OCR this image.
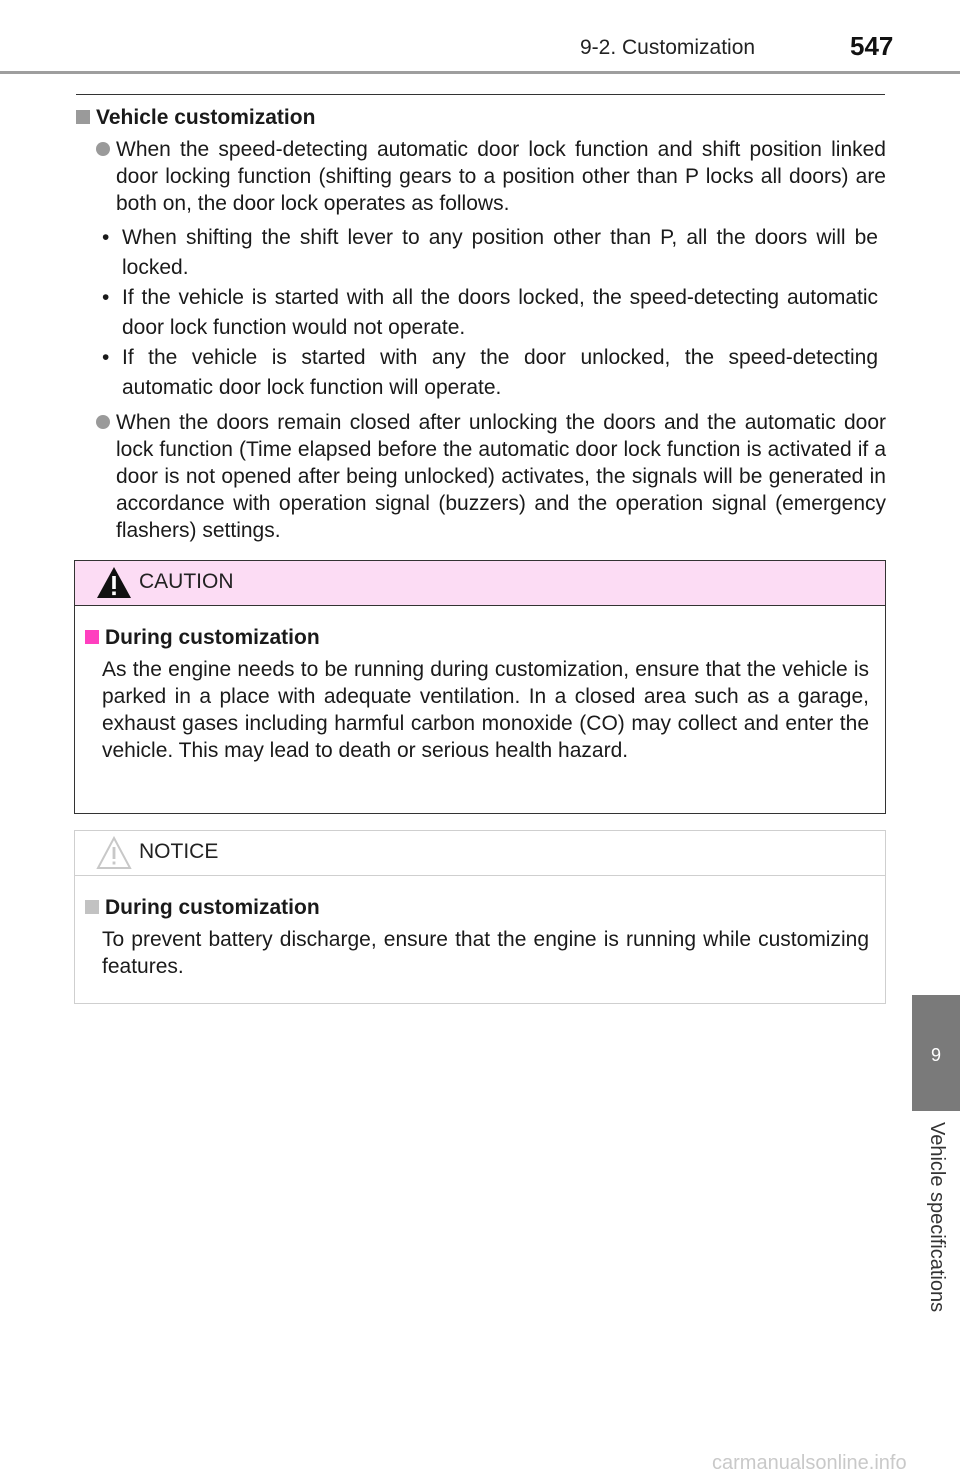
9-2. Customization	547
Vehicle customization
When the speed-detecting automatic door lock function and shift position linked door locking function (shifting gears to a position other than P locks all doors) are both on, the door lock operates as follows.
• When shifting the shift lever to any position other than P, all the doors will be locked.
• If the vehicle is started with all the doors locked, the speed-detecting automatic door lock function would not operate.
• If the vehicle is started with any the door unlocked, the speed-detecting automatic door lock function will operate.
When the doors remain closed after unlocking the doors and the automatic door lock function (Time elapsed before the automatic door lock function is activated if a door is not opened after being unlocked) activates, the signals will be generated in accordance with operation signal (buzzers) and the operation signal (emergency flashers) settings.
CAUTION
During customization
As the engine needs to be running during customization, ensure that the vehicle is parked in a place with adequate ventilation. In a closed area such as a garage, exhaust gases including harmful carbon monoxide (CO) may collect and enter the vehicle. This may lead to death or serious health hazard.
NOTICE
During customization
To prevent battery discharge, ensure that the engine is running while customizing features.
9
Vehicle specifications
carmanualsonline.info
